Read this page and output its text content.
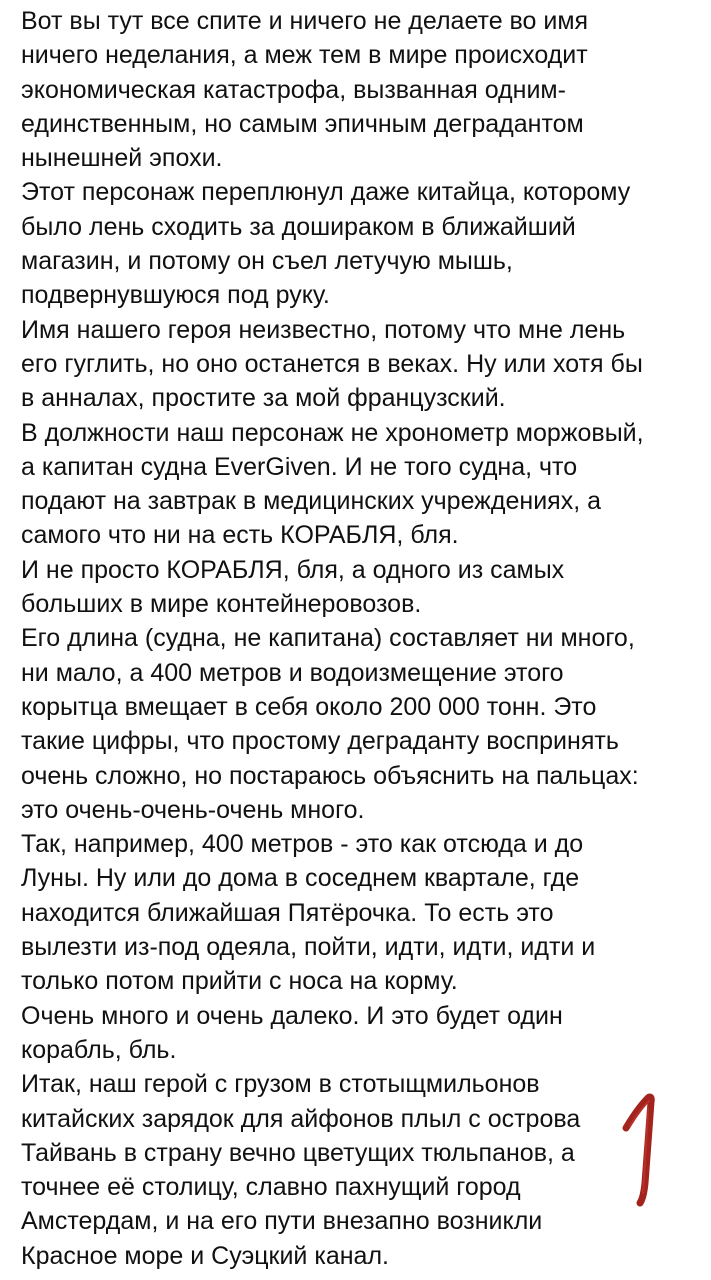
Вот вы тут все спите и ничего не делаете во имя
ничего неделания, а меж тем в мире происходит
экономическая катастрофа, вызванная одним-
единственным, но самым эпичным деградантом
нынешней эпохи.
Этот персонаж переплюнул даже китайца, которому
было лень сходить за дошираком в ближайший
магазин, и потому он съел летучую мышь,
подвернувшуюся под руку.
Имя нашего героя неизвестно, потому что мне лень
его гуглить, но оно останется в веках. Ну или хотя бы
в анналах, простите за мой французский.
В должности наш персонаж не хронометр моржовый,
а капитан судна EverGiven. И не того судна, что
подают на завтрак в медицинских учреждениях, а
самого что ни на есть КОРАБЛЯ, бля.
И не просто КОРАБЛЯ, бля, а одного из самых
больших в мире контейнеровозов.
Его длина (судна, не капитана) составляет ни много,
ни мало, а 400 метров и водоизмещение этого
корытца вмещает в себя около 200 000 тонн. Это
такие цифры, что простому деграданту воспринять
очень сложно, но постараюсь объяснить на пальцах:
это очень-очень-очень много.
Так, например, 400 метров - это как отсюда и до
Луны. Ну или до дома в соседнем квартале, где
находится ближайшая Пятёрочка. То есть это
вылезти из-под одеяла, пойти, идти, идти, идти и
только потом прийти с носа на корму.
Очень много и очень далеко. И это будет один
корабль, бль.
Итак, наш герой с грузом в стотыщмильонов
китайских зарядок для айфонов плыл с острова
Тайвань в страну вечно цветущих тюльпанов, а
точнее её столицу, славно пахнущий город
Амстердам, и на его пути внезапно возникли
Красное море и Суэцкий канал.
